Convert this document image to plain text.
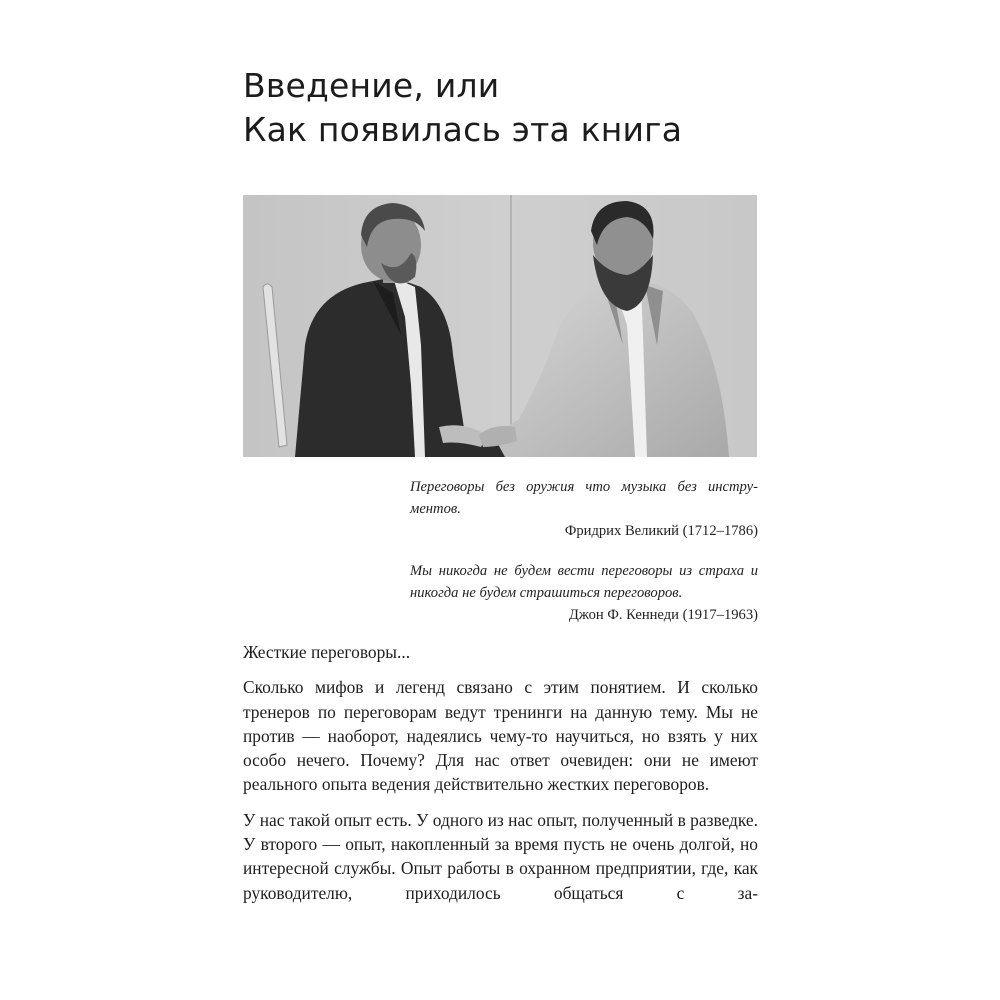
Введение, или
Как появилась эта книга
Переговоры без оружия что музыка без инстру-ментов.
Фридрих Великий (1712–1786)
Мы никогда не будем вести переговоры из страха и никогда не будем страшиться переговоров.
Джон Ф. Кеннеди (1917–1963)

Жесткие переговоры...

Сколько мифов и легенд связано с этим понятием. И сколько тренеров по переговорам ведут тренинги на данную тему. Мы не против — наоборот, надеялись чему-то научиться, но взять у них особо нечего. Почему? Для нас ответ очевиден: они не имеют реального опыта ведения действительно жестких переговоров.

У нас такой опыт есть. У одного из нас опыт, полученный в разведке. У второго — опыт, накопленный за время пусть не очень долгой, но интересной службы. Опыт работы в охранном предприятии, где, как руководителю, приходилось общаться с за-
